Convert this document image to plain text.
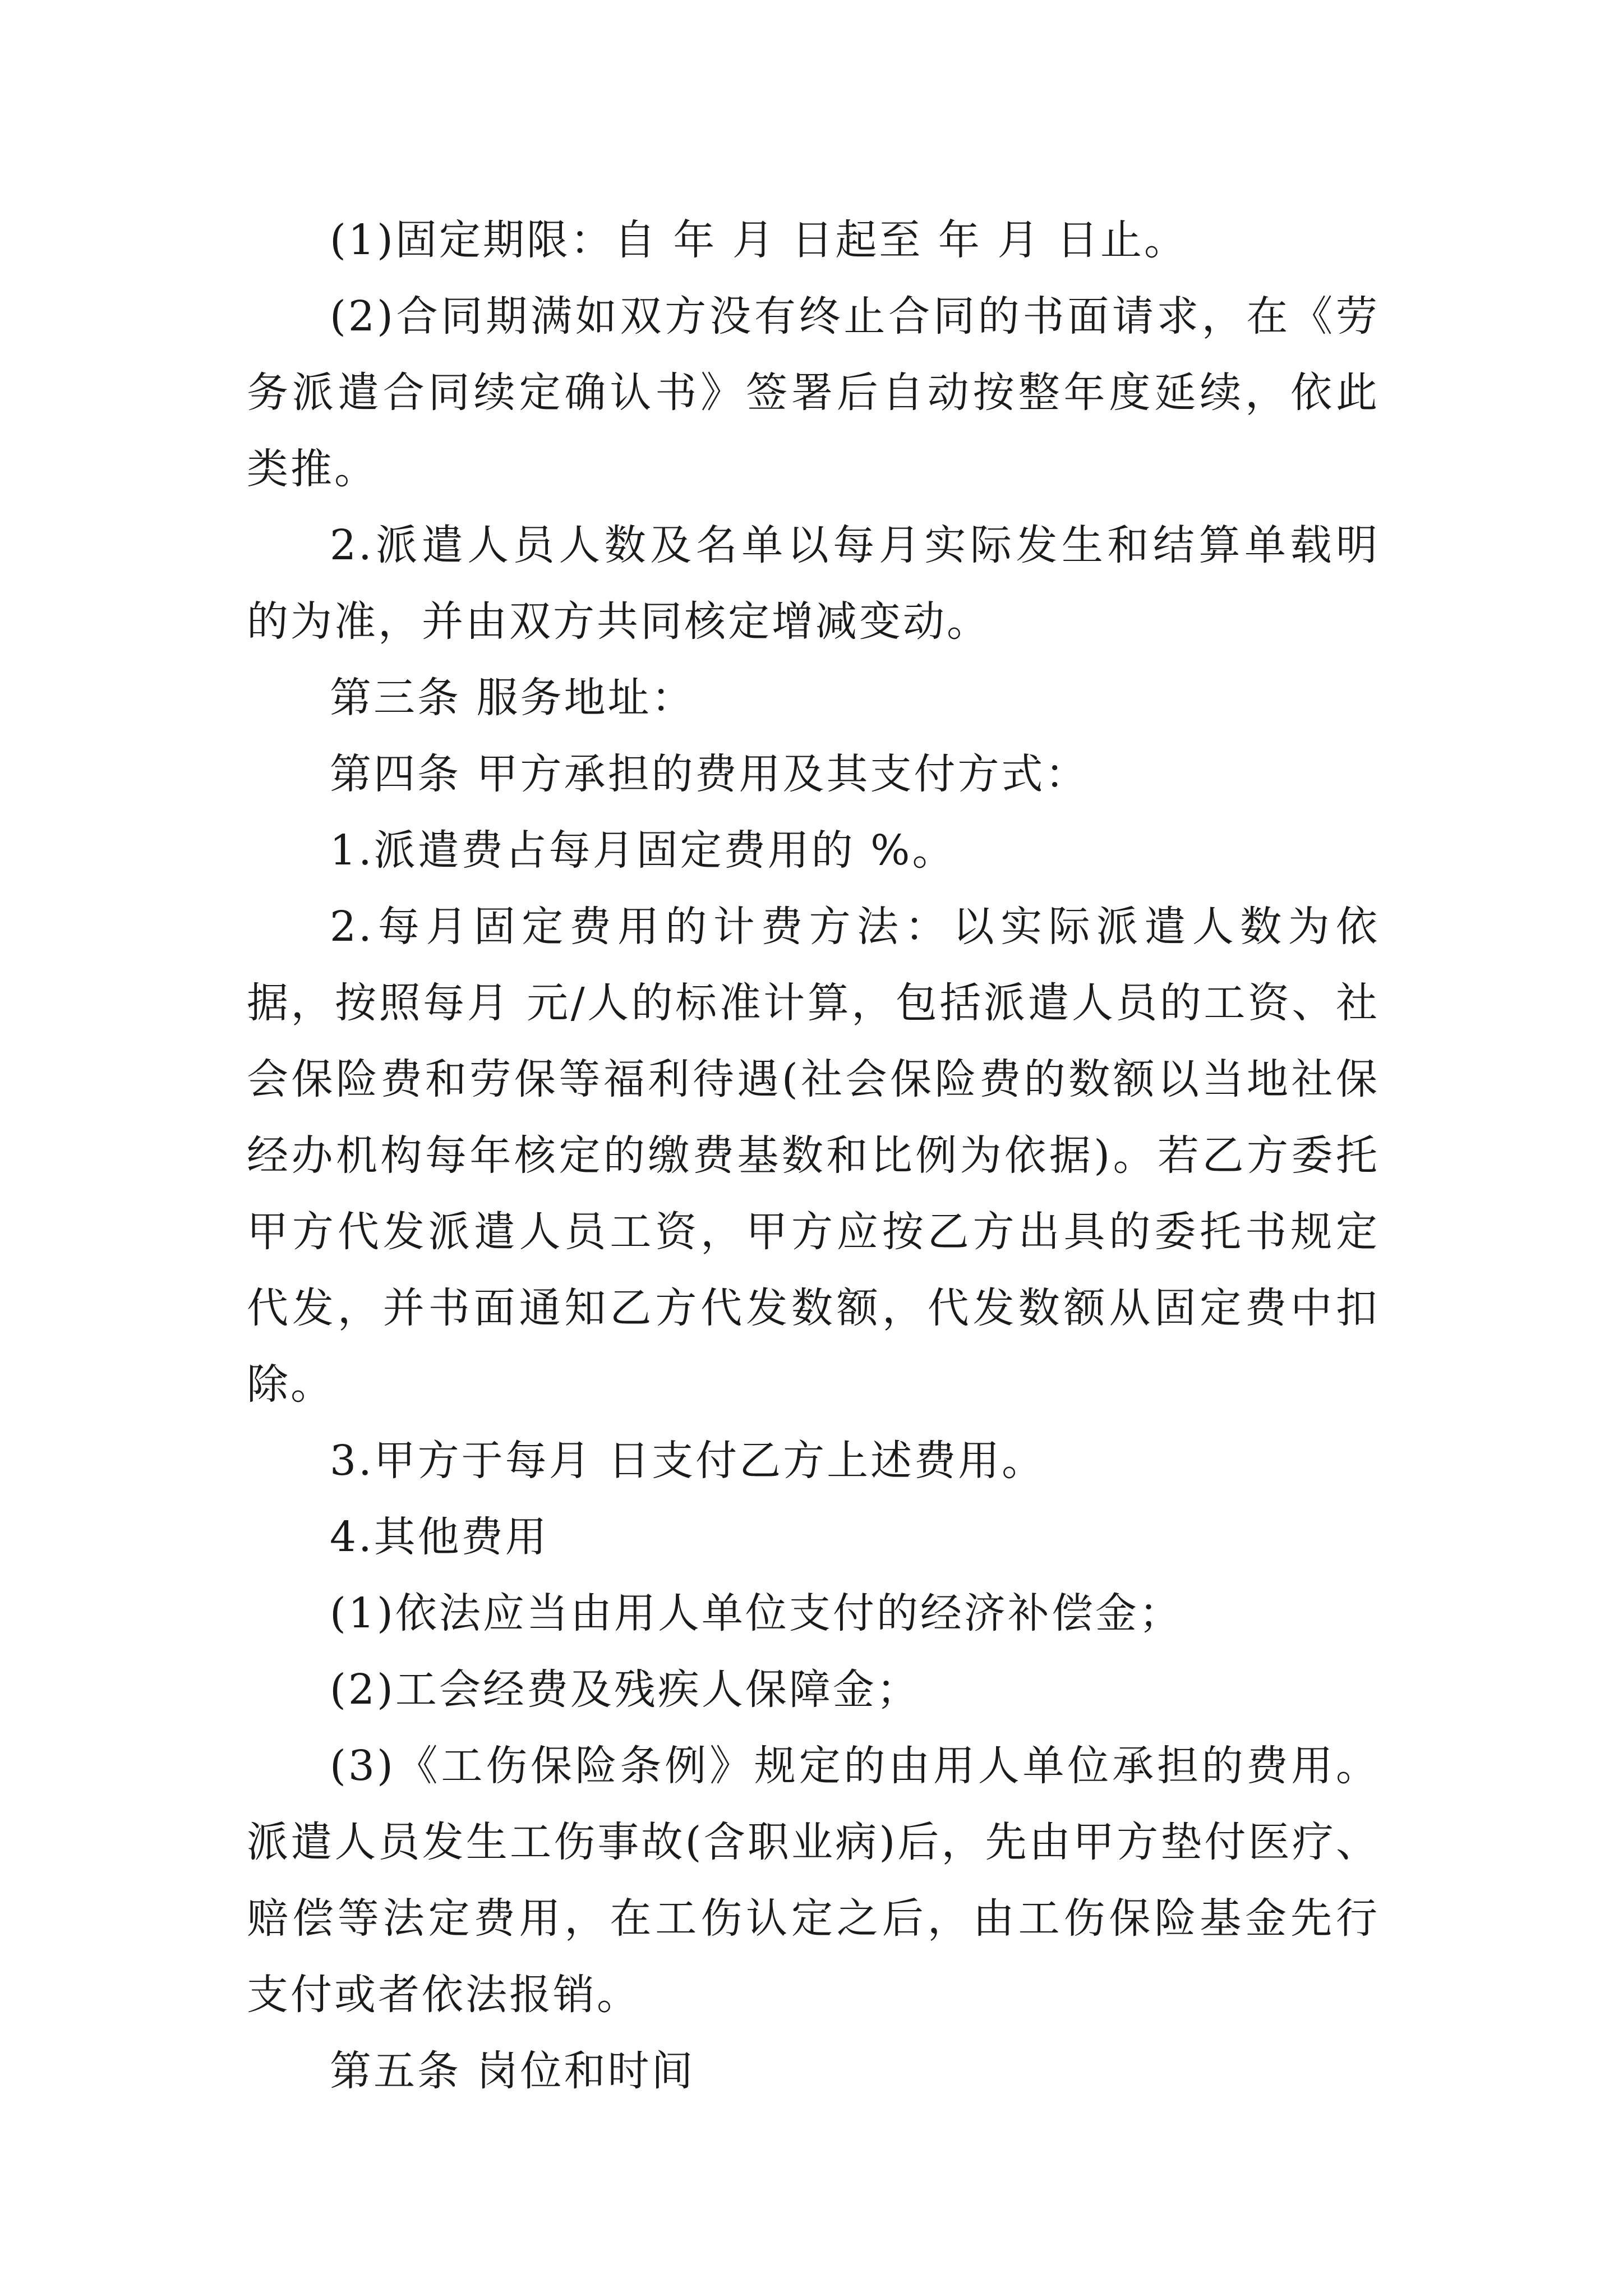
(1)固定期限：自 年 月 日起至 年 月 日止。

(2)合同期满如双方没有终止合同的书面请求，在《劳务派遣合同续定确认书》签署后自动按整年度延续，依此类推。

2.派遣人员人数及名单以每月实际发生和结算单载明的为准，并由双方共同核定增减变动。

第三条 服务地址：

第四条 甲方承担的费用及其支付方式：

1.派遣费占每月固定费用的 %。

2.每月固定费用的计费方法：以实际派遣人数为依据，按照每月 元/人的标准计算，包括派遣人员的工资、社会保险费和劳保等福利待遇(社会保险费的数额以当地社保经办机构每年核定的缴费基数和比例为依据)。若乙方委托甲方代发派遣人员工资，甲方应按乙方出具的委托书规定代发，并书面通知乙方代发数额，代发数额从固定费中扣除。

3.甲方于每月 日支付乙方上述费用。

4.其他费用

(1)依法应当由用人单位支付的经济补偿金；

(2)工会经费及残疾人保障金；

(3)《工伤保险条例》规定的由用人单位承担的费用。派遣人员发生工伤事故(含职业病)后，先由甲方垫付医疗、赔偿等法定费用，在工伤认定之后，由工伤保险基金先行支付或者依法报销。

第五条 岗位和时间
